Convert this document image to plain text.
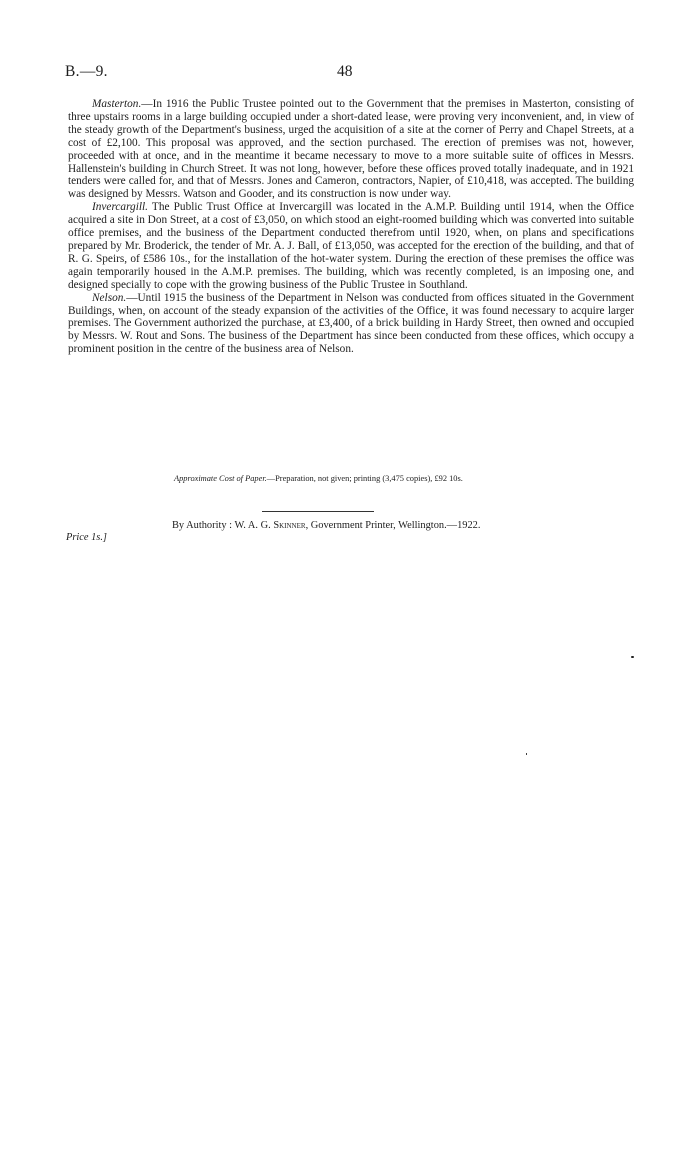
B.—9.	48

Masterton.—In 1916 the Public Trustee pointed out to the Government that the premises in Masterton, consisting of three upstairs rooms in a large building occupied under a short-dated lease, were proving very inconvenient, and, in view of the steady growth of the Department's business, urged the acquisition of a site at the corner of Perry and Chapel Streets, at a cost of £2,100. This proposal was approved, and the section purchased. The erection of premises was not, however, proceeded with at once, and in the meantime it became necessary to move to a more suitable suite of offices in Messrs. Hallenstein's building in Church Street. It was not long, however, before these offices proved totally inadequate, and in 1921 tenders were called for, and that of Messrs. Jones and Cameron, contractors, Napier, of £10,418, was accepted. The building was designed by Messrs. Watson and Gooder, and its construction is now under way.

Invercargill. The Public Trust Office at Invercargill was located in the A.M.P. Building until 1914, when the Office acquired a site in Don Street, at a cost of £3,050, on which stood an eight-roomed building which was converted into suitable office premises, and the business of the Department conducted therefrom until 1920, when, on plans and specifications prepared by Mr. Broderick, the tender of Mr. A. J. Ball, of £13,050, was accepted for the erection of the building, and that of R. G. Speirs, of £586 10s., for the installation of the hot-water system. During the erection of these premises the office was again temporarily housed in the A.M.P. premises. The building, which was recently completed, is an imposing one, and designed specially to cope with the growing business of the Public Trustee in Southland.

Nelson.—Until 1915 the business of the Department in Nelson was conducted from offices situated in the Government Buildings, when, on account of the steady expansion of the activities of the Office, it was found necessary to acquire larger premises. The Government authorized the purchase, at £3,400, of a brick building in Hardy Street, then owned and occupied by Messrs. W. Rout and Sons. The business of the Department has since been conducted from these offices, which occupy a prominent position in the centre of the business area of Nelson.

Approximate Cost of Paper.—Preparation, not given; printing (3,475 copies), £92 10s.
By Authority : W. A. G. Skinner, Government Printer, Wellington.—1922.
Price 1s.]
